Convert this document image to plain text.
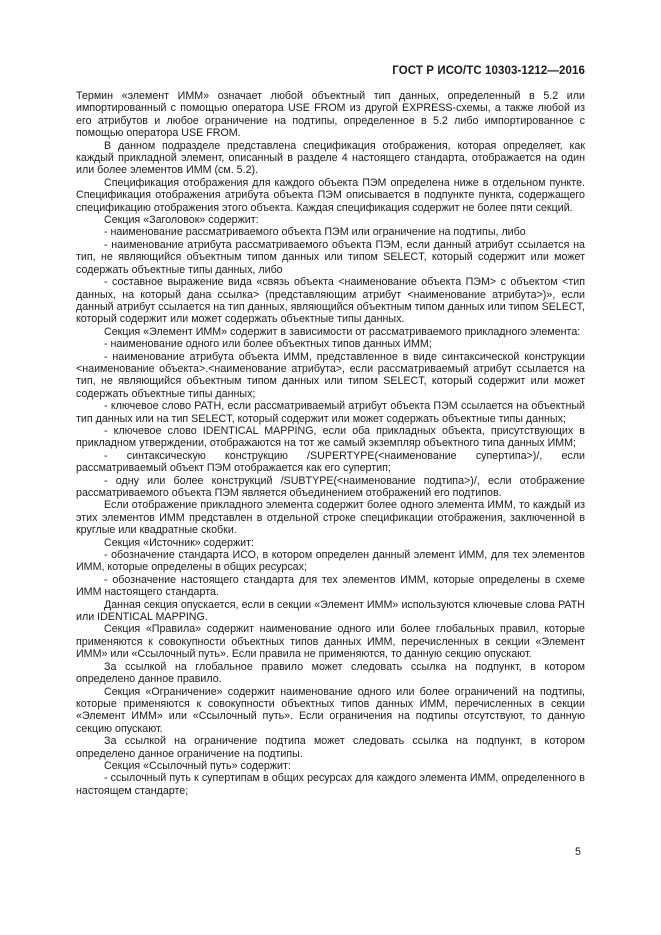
ГОСТ Р ИСО/ТС 10303-1212—2016

Термин «элемент ИММ» означает любой объектный тип данных, определенный в 5.2 или импортированный с помощью оператора USE FROM из другой EXPRESS-схемы, а также любой из его атрибутов и любое ограничение на подтипы, определенное в 5.2 либо импортированное с помощью оператора USE FROM.

В данном подразделе представлена спецификация отображения, которая определяет, как каждый прикладной элемент, описанный в разделе 4 настоящего стандарта, отображается на один или более элементов ИММ (см. 5.2).

Спецификация отображения для каждого объекта ПЭМ определена ниже в отдельном пункте. Спецификация отображения атрибута объекта ПЭМ описывается в подпункте пункта, содержащего спецификацию отображения этого объекта. Каждая спецификация содержит не более пяти секций.

Секция «Заголовок» содержит:

- наименование рассматриваемого объекта ПЭМ или ограничение на подтипы, либо

- наименование атрибута рассматриваемого объекта ПЭМ, если данный атрибут ссылается на тип, не являющийся объектным типом данных или типом SELECT, который содержит или может содержать объектные типы данных, либо

- составное выражение вида «связь объекта <наименование объекта ПЭМ> с объектом <тип данных, на который дана ссылка> (представляющим атрибут <наименование атрибута>)», если данный атрибут ссылается на тип данных, являющийся объектным типом данных или типом SELECT, который содержит или может содержать объектные типы данных.

Секция «Элемент ИММ» содержит в зависимости от рассматриваемого прикладного элемента:

- наименование одного или более объектных типов данных ИММ;

- наименование атрибута объекта ИММ, представленное в виде синтаксической конструкции <наименование объекта>.<наименование атрибута>, если рассматриваемый атрибут ссылается на тип, не являющийся объектным типом данных или типом SELECT, который содержит или может содержать объектные типы данных;

- ключевое слово PATH, если рассматриваемый атрибут объекта ПЭМ ссылается на объектный тип данных или на тип SELECT, который содержит или может содержать объектные типы данных;

- ключевое слово IDENTICAL MAPPING, если оба прикладных объекта, присутствующих в прикладном утверждении, отображаются на тот же самый экземпляр объектного типа данных ИММ;

- синтаксическую конструкцию /SUPERTYPE(<наименование супертипа>)/, если рассматриваемый объект ПЭМ отображается как его супертип;

- одну или более конструкций /SUBTYPE(<наименование подтипа>)/, если отображение рассматриваемого объекта ПЭМ является объединением отображений его подтипов.

Если отображение прикладного элемента содержит более одного элемента ИММ, то каждый из этих элементов ИММ представлен в отдельной строке спецификации отображения, заключенной в круглые или квадратные скобки.

Секция «Источник» содержит:

- обозначение стандарта ИСО, в котором определен данный элемент ИММ, для тех элементов ИММ, которые определены в общих ресурсах;

- обозначение настоящего стандарта для тех элементов ИММ, которые определены в схеме ИММ настоящего стандарта.

Данная секция опускается, если в секции «Элемент ИММ» используются ключевые слова PATH или IDENTICAL MAPPING.

Секция «Правила» содержит наименование одного или более глобальных правил, которые применяются к совокупности объектных типов данных ИММ, перечисленных в секции «Элемент ИММ» или «Ссылочный путь». Если правила не применяются, то данную секцию опускают.

За ссылкой на глобальное правило может следовать ссылка на подпункт, в котором определено данное правило.

Секция «Ограничение» содержит наименование одного или более ограничений на подтипы, которые применяются к совокупности объектных типов данных ИММ, перечисленных в секции «Элемент ИММ» или «Ссылочный путь». Если ограничения на подтипы отсутствуют, то данную секцию опускают.

За ссылкой на ограничение подтипа может следовать ссылка на подпункт, в котором определено данное ограничение на подтипы.

Секция «Ссылочный путь» содержит:

- ссылочный путь к супертипам в общих ресурсах для каждого элемента ИММ, определенного в настоящем стандарте;

5
